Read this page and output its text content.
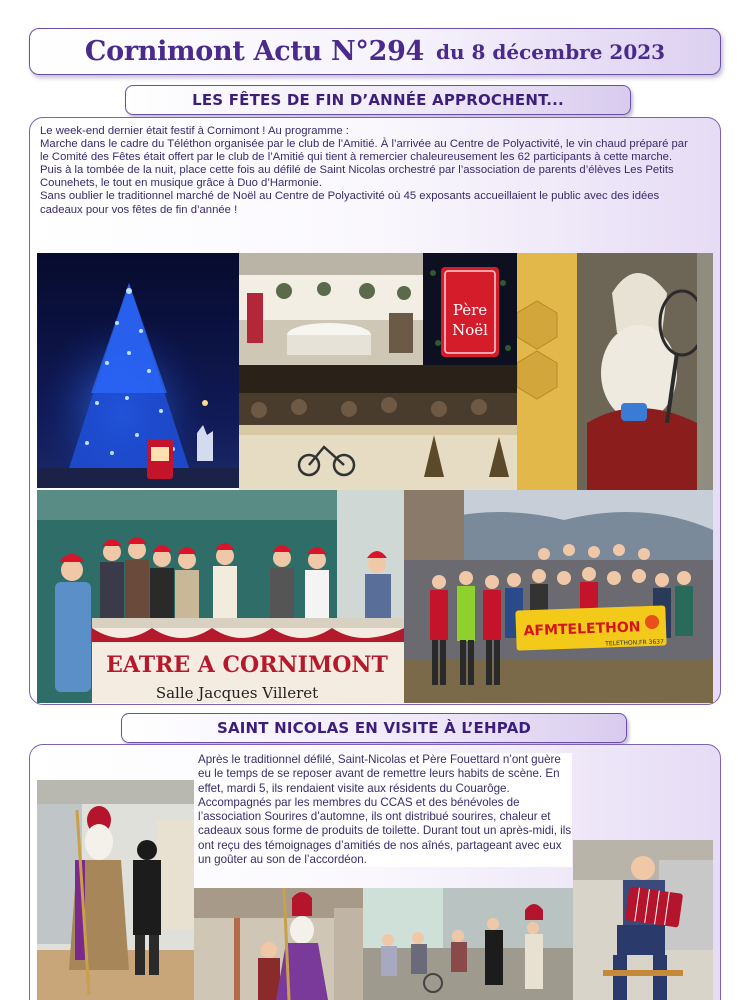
Cornimont Actu N°294 du 8 décembre 2023
LES FÊTES DE FIN D’ANNÉE APPROCHENT...

Le week-end dernier était festif à Cornimont ! Au programme :

Marche dans le cadre du Téléthon organisée par le club de l’Amitié. À l’arrivée au Centre de Polyactivité, le vin chaud préparé par le Comité des Fêtes était offert par le club de l’Amitié qui tient à remercier chaleureusement les 62 participants à cette marche.

Puis à la tombée de la nuit, place cette fois au défilé de Saint Nicolas orchestré par l’association de parents d’élèves Les Petits Counehets, le tout en musique grâce à Duo d’Harmonie.

Sans oublier le traditionnel marché de Noël au Centre de Polyactivité où 45 exposants accueillaient le public avec des idées cadeaux pour vos fêtes de fin d’année !

Père
Noël
EATRE A CORNIMONT
Salle Jacques Villeret
AFMTELETHON
TELETHON.FR 3637
SAINT NICOLAS EN VISITE À L’EHPAD
Après le traditionnel défilé, Saint-Nicolas et Père Fouettard n’ont guère eu le temps de se reposer avant de remettre leurs habits de scène. En effet, mardi 5, ils rendaient visite aux résidents du Couarôge. Accompagnés par les membres du CCAS et des bénévoles de l’association Sourires d’automne, ils ont distribué sourires, chaleur et cadeaux sous forme de produits de toilette. Durant tout un après-midi, ils ont reçu des témoignages d’amitiés de nos aînés, partageant avec eux un goûter au son de l’accordéon.
